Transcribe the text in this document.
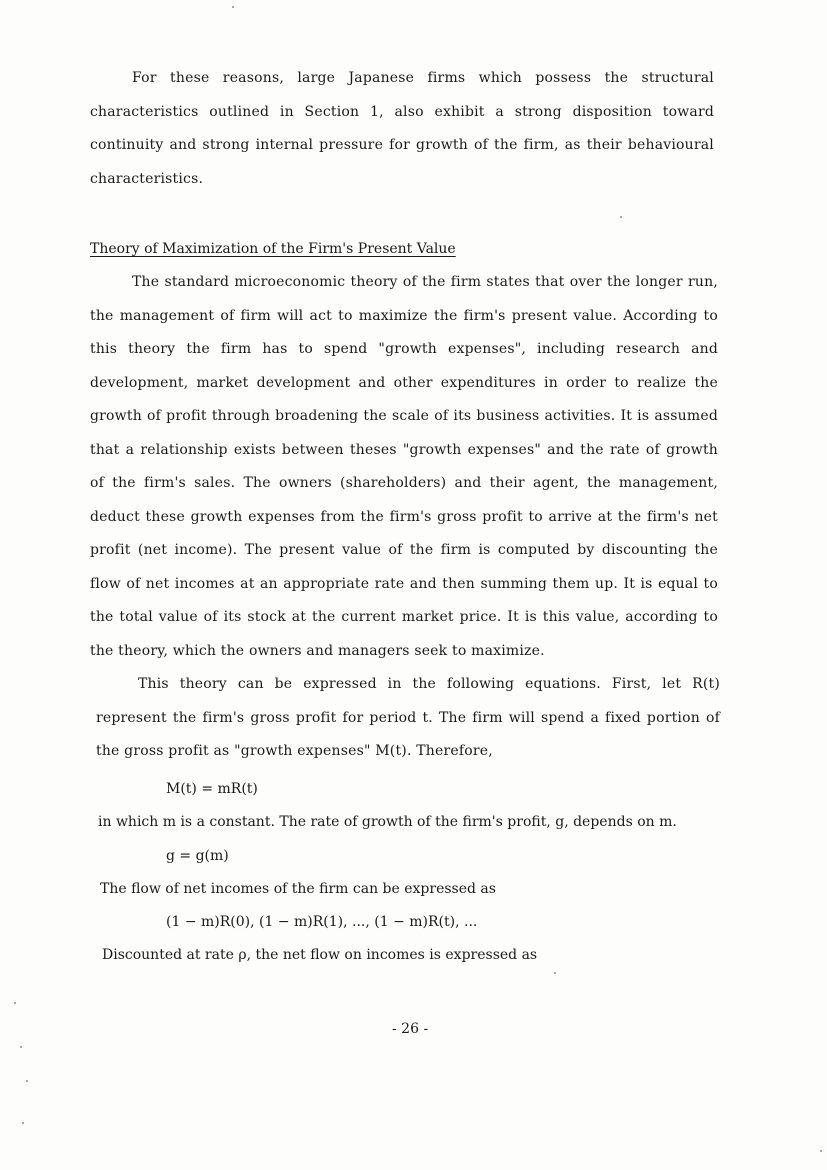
For these reasons, large Japanese firms which possess the structural characteristics outlined in Section 1, also exhibit a strong disposition toward continuity and strong internal pressure for growth of the firm, as their behavioural characteristics.

Theory of Maximization of the Firm's Present Value

The standard microeconomic theory of the firm states that over the longer run, the management of firm will act to maximize the firm's present value. According to this theory the firm has to spend "growth expenses", including research and development, market development and other expenditures in order to realize the growth of profit through broadening the scale of its business activities. It is assumed that a relationship exists between theses "growth expenses" and the rate of growth of the firm's sales. The owners (shareholders) and their agent, the management, deduct these growth expenses from the firm's gross profit to arrive at the firm's net profit (net income). The present value of the firm is computed by discounting the flow of net incomes at an appropriate rate and then summing them up. It is equal to the total value of its stock at the current market price. It is this value, according to the theory, which the owners and managers seek to maximize.

This theory can be expressed in the following equations. First, let R(t) represent the firm's gross profit for period t. The firm will spend a fixed portion of the gross profit as "growth expenses" M(t). Therefore,

M(t) = mR(t)
in which m is a constant. The rate of growth of the firm's profit, g, depends on m.
g = g(m)
The flow of net incomes of the firm can be expressed as
(1 − m)R(0), (1 − m)R(1), ..., (1 − m)R(t), ...
Discounted at rate ρ, the net flow on incomes is expressed as
- 26 -
